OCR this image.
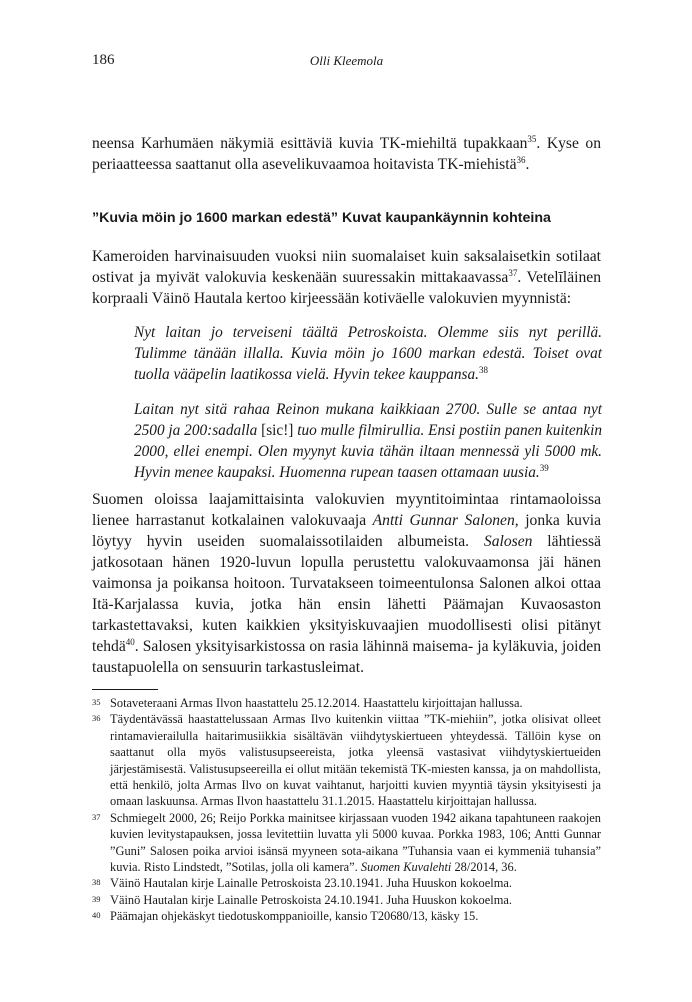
186	Olli Kleemola

neensa Karhumäen näkymiä esittäviä kuvia TK-miehiltä tupakkaan$^{35}$. Kyse on periaatteessa saattanut olla asevelikuvaamoa hoitavista TK-miehistä$^{36}$.

”Kuvia möin jo 1600 markan edestä” Kuvat kaupankäynnin kohteina

Kameroiden harvinaisuuden vuoksi niin suomalaiset kuin saksalaisetkin sotilaat ostivat ja myivät valokuvia keskenään suuressakin mittakaavassa$^{37}$. Vetelīläinen korpraali Väinö Hautala kertoo kirjeessään kotiväelle valokuvien myynnistä:

Nyt laitan jo terveiseni täältä Petroskoista. Olemme siis nyt perillä. Tulimme tänään illalla. Kuvia möin jo 1600 markan edestä. Toiset ovat tuolla vääpelin laatikossa vielä. Hyvin tekee kauppansa.$^{38}$

Laitan nyt sitä rahaa Reinon mukana kaikkiaan 2700. Sulle se antaa nyt 2500 ja 200:sadalla [sic!] tuo mulle filmirullia. Ensi postiin panen kuitenkin 2000, ellei enempi. Olen myynyt kuvia tähän iltaan mennessä yli 5000 mk. Hyvin menee kaupaksi. Huomenna rupean taasen ottamaan uusia.$^{39}$

Suomen oloissa laajamittaisinta valokuvien myyntitoimintaa rintamaoloissa lienee harrastanut kotkalainen valokuvaaja Antti Gunnar Salonen, jonka kuvia löytyy hyvin useiden suomalaissotilaiden albumeista. Salosen lähtiessä jatkosotaan hänen 1920-luvun lopulla perustettu valokuvaamonsa jäi hänen vaimonsa ja poikansa hoitoon. Turvatakseen toimeentulonsa Salonen alkoi ottaa Itä-Karjalassa kuvia, jotka hän ensin lähetti Päämajan Kuvaosaston tarkastettavaksi, kuten kaikkien yksityiskuvaajien muodollisesti olisi pitänyt tehdä$^{40}$. Salosen yksityisarkistossa on rasia lähinnä maisema- ja kyläkuvia, joiden taustapuolella on sensuurin tarkastusleimat.

35 Sotaveteraani Armas Ilvon haastattelu 25.12.2014. Haastattelu kirjoittajan hallussa.

36 Täydentävässä haastattelussaan Armas Ilvo kuitenkin viittaa ”TK-miehiin”, jotka olisivat olleet rintamavierailulla haitarimusiikkia sisältävän viihdytyskiertueen yhteydessä. Tällöin kyse on saattanut olla myös valistusupseereista, jotka yleensä vastasivat viihdytyskiertueiden järjestämisestä. Valistusupseereilla ei ollut mitään tekemistä TK-miesten kanssa, ja on mahdollista, että henkilö, jolta Armas Ilvo on kuvat vaihtanut, harjoitti kuvien myyntiä täysin yksityisesti ja omaan laskuunsa. Armas Ilvon haastattelu 31.1.2015. Haastattelu kirjoittajan hallussa.

37 Schmiegelt 2000, 26; Reijo Porkka mainitsee kirjassaan vuoden 1942 aikana tapahtuneen raakojen kuvien levitystapauksen, jossa levitettiin luvatta yli 5000 kuvaa. Porkka 1983, 106; Antti Gunnar ”Guni” Salosen poika arvioi isänsä myyneen sota-aikana ”Tuhansia vaan ei kymmeniä tuhansia” kuvia. Risto Lindstedt, ”Sotilas, jolla oli kamera”. Suomen Kuvalehti 28/2014, 36.

38 Väinö Hautalan kirje Lainalle Petroskoista 23.10.1941. Juha Huuskon kokoelma.

39 Väinö Hautalan kirje Lainalle Petroskoista 24.10.1941. Juha Huuskon kokoelma.

40 Päämajan ohjekäskyt tiedotuskomppanioille, kansio T20680/13, käsky 15.
